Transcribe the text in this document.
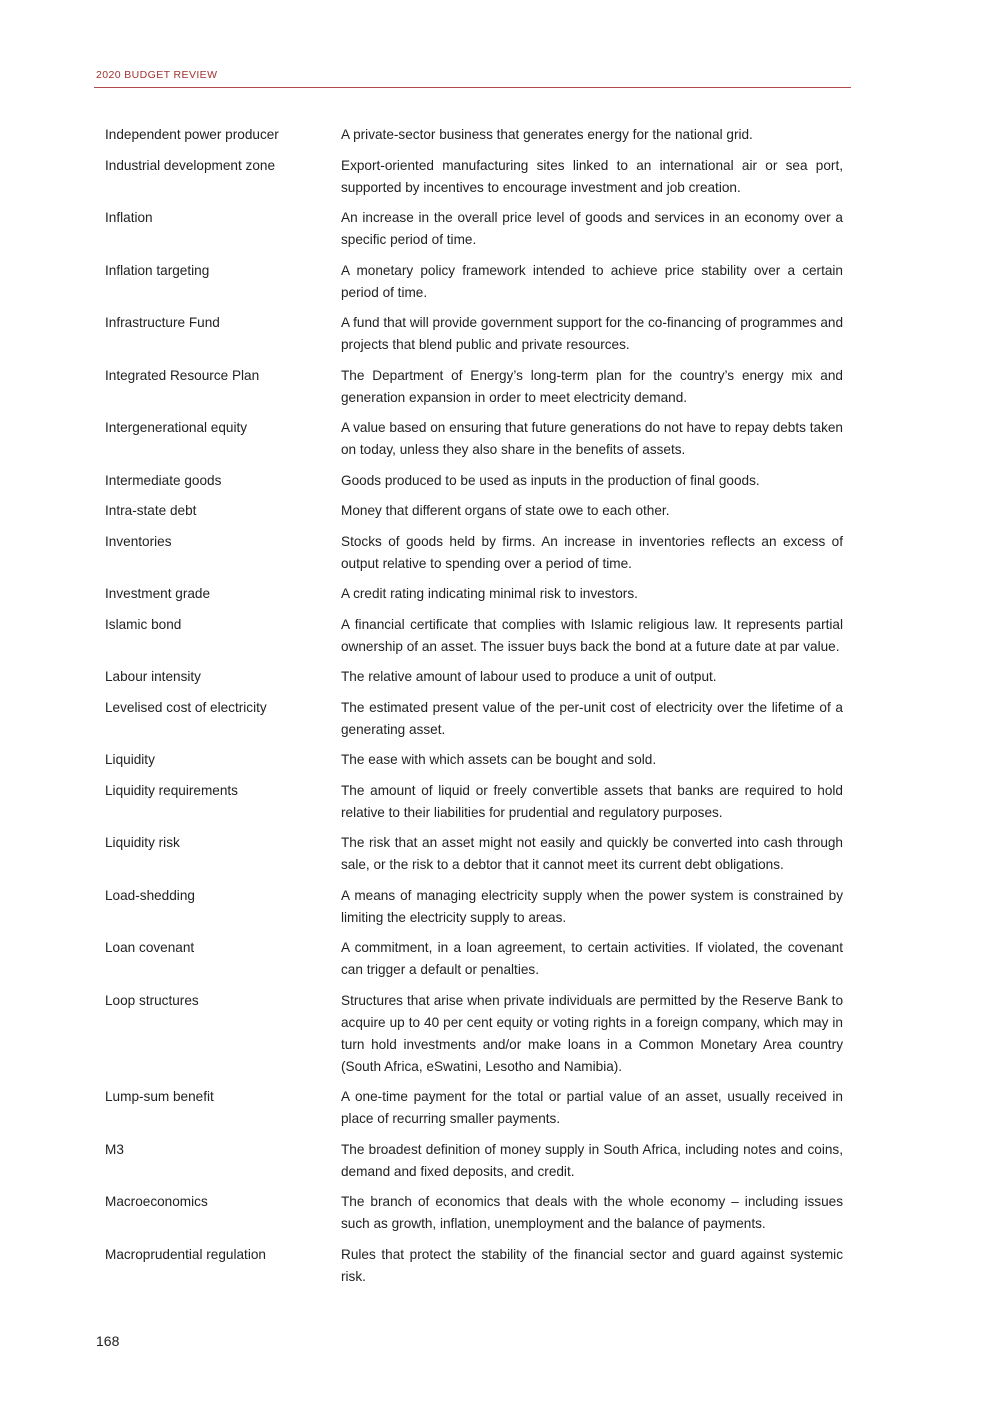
2020 BUDGET REVIEW
Independent power producer	A private-sector business that generates energy for the national grid.
Industrial development zone	Export-oriented manufacturing sites linked to an international air or sea port, supported by incentives to encourage investment and job creation.
Inflation	An increase in the overall price level of goods and services in an economy over a specific period of time.
Inflation targeting	A monetary policy framework intended to achieve price stability over a certain period of time.
Infrastructure Fund	A fund that will provide government support for the co-financing of programmes and projects that blend public and private resources.
Integrated Resource Plan	The Department of Energy’s long-term plan for the country’s energy mix and generation expansion in order to meet electricity demand.
Intergenerational equity	A value based on ensuring that future generations do not have to repay debts taken on today, unless they also share in the benefits of assets.
Intermediate goods	Goods produced to be used as inputs in the production of final goods.
Intra-state debt	Money that different organs of state owe to each other.
Inventories	Stocks of goods held by firms. An increase in inventories reflects an excess of output relative to spending over a period of time.
Investment grade	A credit rating indicating minimal risk to investors.
Islamic bond	A financial certificate that complies with Islamic religious law. It represents partial ownership of an asset. The issuer buys back the bond at a future date at par value.
Labour intensity	The relative amount of labour used to produce a unit of output.
Levelised cost of electricity	The estimated present value of the per-unit cost of electricity over the lifetime of a generating asset.
Liquidity	The ease with which assets can be bought and sold.
Liquidity requirements	The amount of liquid or freely convertible assets that banks are required to hold relative to their liabilities for prudential and regulatory purposes.
Liquidity risk	The risk that an asset might not easily and quickly be converted into cash through sale, or the risk to a debtor that it cannot meet its current debt obligations.
Load-shedding	A means of managing electricity supply when the power system is constrained by limiting the electricity supply to areas.
Loan covenant	A commitment, in a loan agreement, to certain activities. If violated, the covenant can trigger a default or penalties.
Loop structures	Structures that arise when private individuals are permitted by the Reserve Bank to acquire up to 40 per cent equity or voting rights in a foreign company, which may in turn hold investments and/or make loans in a Common Monetary Area country (South Africa, eSwatini, Lesotho and Namibia).
Lump-sum benefit	A one-time payment for the total or partial value of an asset, usually received in place of recurring smaller payments.
M3	The broadest definition of money supply in South Africa, including notes and coins, demand and fixed deposits, and credit.
Macroeconomics	The branch of economics that deals with the whole economy – including issues such as growth, inflation, unemployment and the balance of payments.
Macroprudential regulation	Rules that protect the stability of the financial sector and guard against systemic risk.
168
